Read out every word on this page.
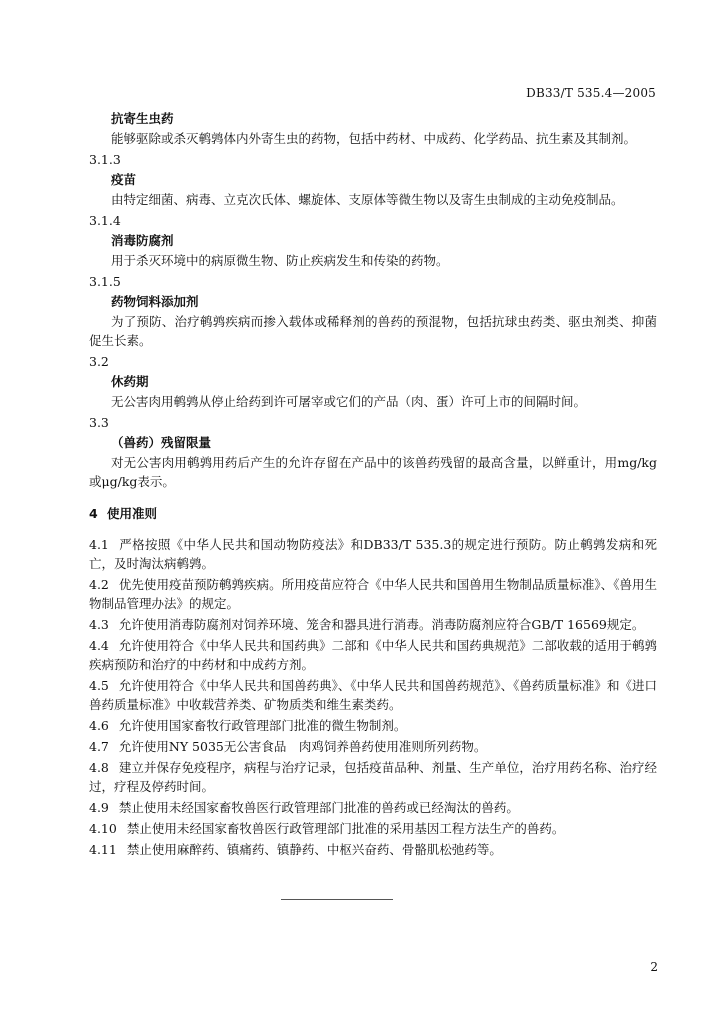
DB33/T 535.4—2005
抗寄生虫药
能够驱除或杀灭鹌鹑体内外寄生虫的药物，包括中药材、中成药、化学药品、抗生素及其制剂。
3.1.3
疫苗
由特定细菌、病毒、立克次氏体、螺旋体、支原体等微生物以及寄生虫制成的主动免疫制品。
3.1.4
消毒防腐剂
用于杀灭环境中的病原微生物、防止疾病发生和传染的药物。
3.1.5
药物饲料添加剂
为了预防、治疗鹌鹑疾病而掺入载体或稀释剂的兽药的预混物，包括抗球虫药类、驱虫剂类、抑菌促生长素。
3.2
休药期
无公害肉用鹌鹑从停止给药到许可屠宰或它们的产品（肉、蛋）许可上市的间隔时间。
3.3
（兽药）残留限量
对无公害肉用鹌鹑用药后产生的允许存留在产品中的该兽药残留的最高含量，以鲜重计，用mg/kg或μg/kg表示。
4 使用准则

4.1 严格按照《中华人民共和国动物防疫法》和DB33/T 535.3的规定进行预防。防止鹌鹑发病和死亡，及时淘汰病鹌鹑。

4.2 优先使用疫苗预防鹌鹑疾病。所用疫苗应符合《中华人民共和国兽用生物制品质量标准》、《兽用生物制品管理办法》的规定。

4.3 允许使用消毒防腐剂对饲养环境、笼舍和器具进行消毒。消毒防腐剂应符合GB/T 16569规定。

4.4 允许使用符合《中华人民共和国药典》二部和《中华人民共和国药典规范》二部收载的适用于鹌鹑疾病预防和治疗的中药材和中成药方剂。

4.5 允许使用符合《中华人民共和国兽药典》、《中华人民共和国兽药规范》、《兽药质量标准》和《进口兽药质量标准》中收载营养类、矿物质类和维生素类药。

4.6 允许使用国家畜牧行政管理部门批准的微生物制剂。

4.7 允许使用NY 5035无公害食品　肉鸡饲养兽药使用准则所列药物。

4.8 建立并保存免疫程序，病程与治疗记录，包括疫苗品种、剂量、生产单位，治疗用药名称、治疗经过，疗程及停药时间。

4.9 禁止使用未经国家畜牧兽医行政管理部门批准的兽药或已经淘汰的兽药。

4.10 禁止使用未经国家畜牧兽医行政管理部门批准的采用基因工程方法生产的兽药。

4.11 禁止使用麻醉药、镇痛药、镇静药、中枢兴奋药、骨骼肌松弛药等。

2
